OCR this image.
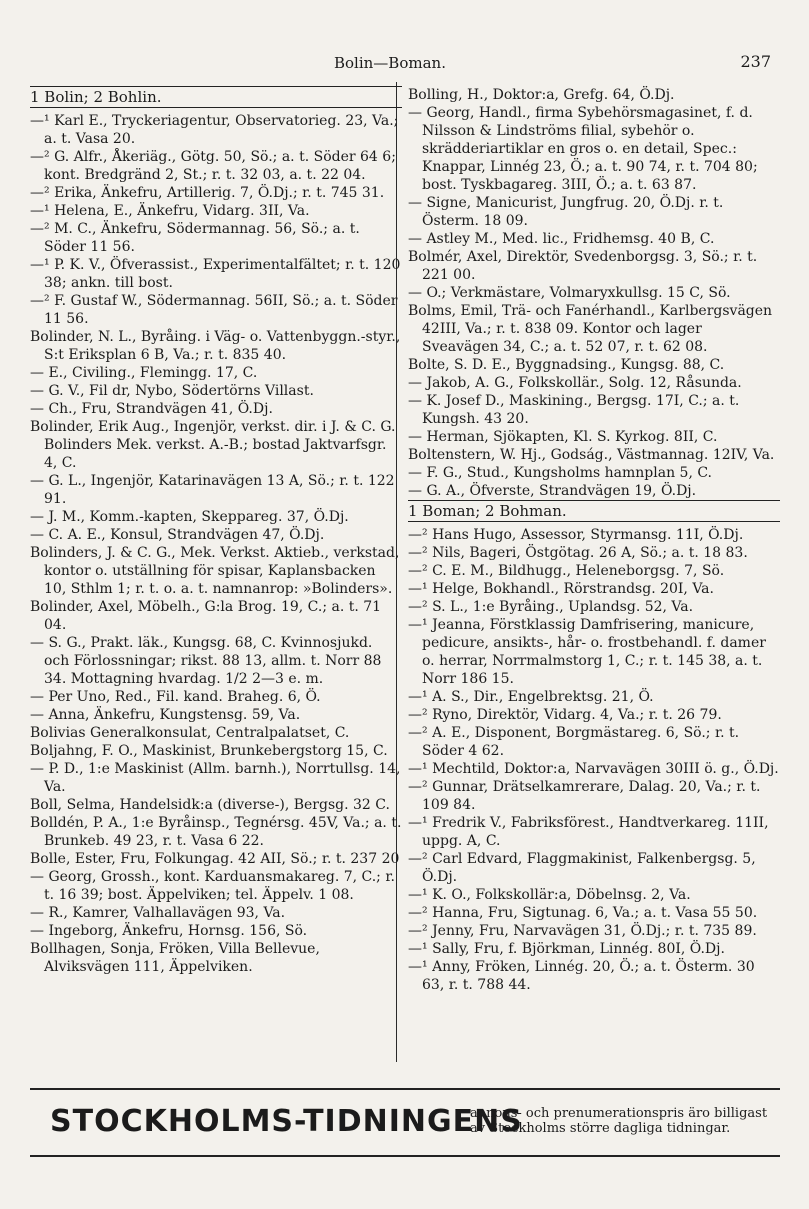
Bolin—Boman.	237
1 Bolin; 2 Bohlin.

—¹ Karl E., Tryckeriagentur, Observatorieg. 23, Va.; a. t. Vasa 20.

—² G. Alfr., Åkeriäg., Götg. 50, Sö.; a. t. Söder 64 6; kont. Bredgränd 2, St.; r. t. 32 03, a. t. 22 04.

—² Erika, Änkefru, Artillerig. 7, Ö.Dj.; r. t. 745 31.

—¹ Helena, E., Änkefru, Vidarg. 3II, Va.

—² M. C., Änkefru, Södermannag. 56, Sö.; a. t. Söder 11 56.

—¹ P. K. V., Öfverassist., Experimentalfältet; r. t. 120 38; ankn. till bost.

—² F. Gustaf W., Södermannag. 56II, Sö.; a. t. Söder 11 56.

Bolinder, N. L., Byråing. i Väg- o. Vattenbyggn.-styr., S:t Eriksplan 6 B, Va.; r. t. 835 40.

— E., Civiling., Flemingg. 17, C.

— G. V., Fil dr, Nybo, Södertörns Villast.

— Ch., Fru, Strandvägen 41, Ö.Dj.

Bolinder, Erik Aug., Ingenjör, verkst. dir. i J. & C. G. Bolinders Mek. verkst. A.-B.; bostad Jaktvarfsgr. 4, C.

— G. L., Ingenjör, Katarinavägen 13 A, Sö.; r. t. 122 91.

— J. M., Komm.-kapten, Skeppareg. 37, Ö.Dj.

— C. A. E., Konsul, Strandvägen 47, Ö.Dj.

Bolinders, J. & C. G., Mek. Verkst. Aktieb., verkstad, kontor o. utställning för spisar, Kaplansbacken 10, Sthlm 1; r. t. o. a. t. namnanrop: »Bolinders».

Bolinder, Axel, Möbelh., G:la Brog. 19, C.; a. t. 71 04.

— S. G., Prakt. läk., Kungsg. 68, C. Kvinnosjukd. och Förlossningar; rikst. 88 13, allm. t. Norr 88 34. Mottagning hvardag. 1/2 2—3 e. m.

— Per Uno, Red., Fil. kand. Braheg. 6, Ö.

— Anna, Änkefru, Kungstensg. 59, Va.

Bolivias Generalkonsulat, Centralpalatset, C.

Boljahng, F. O., Maskinist, Brunkebergstorg 15, C.

— P. D., 1:e Maskinist (Allm. barnh.), Norrtullsg. 14, Va.

Boll, Selma, Handelsidk:a (diverse-), Bergsg. 32 C.

Bolldén, P. A., 1:e Byråinsp., Tegnérsg. 45V, Va.; a. t. Brunkeb. 49 23, r. t. Vasa 6 22.

Bolle, Ester, Fru, Folkungag. 42 AII, Sö.; r. t. 237 20

— Georg, Grossh., kont. Karduansmakareg. 7, C.; r. t. 16 39; bost. Äppelviken; tel. Äppelv. 1 08.

— R., Kamrer, Valhallavägen 93, Va.

— Ingeborg, Änkefru, Hornsg. 156, Sö.

Bollhagen, Sonja, Fröken, Villa Bellevue, Alviksvägen 111, Äppelviken.

Bolling, H., Doktor:a, Grefg. 64, Ö.Dj.

— Georg, Handl., firma Sybehörsmagasinet, f. d. Nilsson & Lindströms filial, sybehör o. skrädderiartiklar en gros o. en detail, Spec.: Knappar, Linnég 23, Ö.; a. t. 90 74, r. t. 704 80; bost. Tyskbagareg. 3III, Ö.; a. t. 63 87.

— Signe, Manicurist, Jungfrug. 20, Ö.Dj. r. t. Österm. 18 09.

— Astley M., Med. lic., Fridhemsg. 40 B, C.

Bolmér, Axel, Direktör, Svedenborgsg. 3, Sö.; r. t. 221 00.

— O.; Verkmästare, Volmaryxkullsg. 15 C, Sö.

Bolms, Emil, Trä- och Fanérhandl., Karlbergsvägen 42III, Va.; r. t. 838 09. Kontor och lager Sveavägen 34, C.; a. t. 52 07, r. t. 62 08.

Bolte, S. D. E., Byggnadsing., Kungsg. 88, C.

— Jakob, A. G., Folkskollär., Solg. 12, Råsunda.

— K. Josef D., Maskining., Bergsg. 17I, C.; a. t. Kungsh. 43 20.

— Herman, Sjökapten, Kl. S. Kyrkog. 8II, C.

Boltenstern, W. Hj., Godság., Västmannag. 12IV, Va.

— F. G., Stud., Kungsholms hamnplan 5, C.

— G. A., Öfverste, Strandvägen 19, Ö.Dj.

1 Boman; 2 Bohman.

—² Hans Hugo, Assessor, Styrmansg. 11I, Ö.Dj.

—² Nils, Bageri, Östgötag. 26 A, Sö.; a. t. 18 83.

—² C. E. M., Bildhugg., Heleneborgsg. 7, Sö.

—¹ Helge, Bokhandl., Rörstrandsg. 20I, Va.

—² S. L., 1:e Byråing., Uplandsg. 52, Va.

—¹ Jeanna, Förstklassig Damfrisering, manicure, pedicure, ansikts-, hår- o. frostbehandl. f. damer o. herrar, Norrmalmstorg 1, C.; r. t. 145 38, a. t. Norr 186 15.

—¹ A. S., Dir., Engelbrektsg. 21, Ö.

—² Ryno, Direktör, Vidarg. 4, Va.; r. t. 26 79.

—² A. E., Disponent, Borgmästareg. 6, Sö.; r. t. Söder 4 62.

—¹ Mechtild, Doktor:a, Narvavägen 30III ö. g., Ö.Dj.

—² Gunnar, Drätselkamrerare, Dalag. 20, Va.; r. t. 109 84.

—¹ Fredrik V., Fabriksförest., Handtverkareg. 11II, uppg. A, C.

—² Carl Edvard, Flaggmakinist, Falkenbergsg. 5, Ö.Dj.

—¹ K. O., Folkskollär:a, Döbelnsg. 2, Va.

—² Hanna, Fru, Sigtunag. 6, Va.; a. t. Vasa 55 50.

—² Jenny, Fru, Narvavägen 31, Ö.Dj.; r. t. 735 89.

—¹ Sally, Fru, f. Björkman, Linnég. 80I, Ö.Dj.

—¹ Anny, Fröken, Linnég. 20, Ö.; a. t. Österm. 30 63, r. t. 788 44.

STOCKHOLMS-TIDNINGENS
annons- och prenumerationspris äro billigast av Stockholms större dagliga tidningar.
